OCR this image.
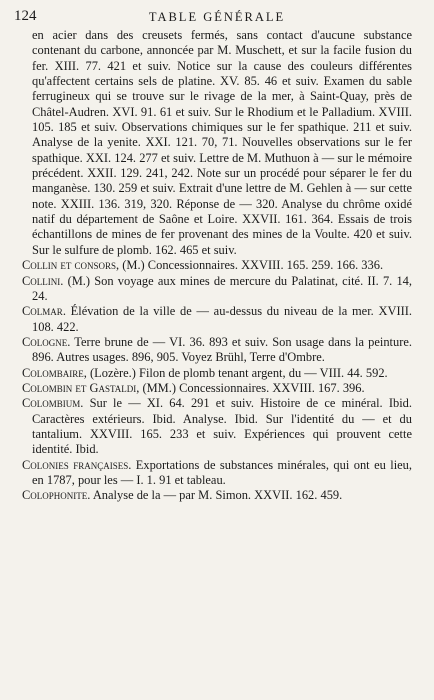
124	TABLE GÉNÉRALE

en acier dans des creusets fermés, sans contact d'aucune substance contenant du carbone, annoncée par M. Muschett, et sur la facile fusion du fer. XIII. 77. 421 et suiv. Notice sur la cause des couleurs différentes qu'affectent certains sels de platine. XV. 85. 46 et suiv. Examen du sable ferrugineux qui se trouve sur le rivage de la mer, à Saint-Quay, près de Châtel-Audren. XVI. 91. 61 et suiv. Sur le Rhodium et le Palladium. XVIII. 105. 185 et suiv. Observations chimiques sur le fer spathique. 211 et suiv. Analyse de la yenite. XXI. 121. 70, 71. Nouvelles observations sur le fer spathique. XXI. 124. 277 et suiv. Lettre de M. Muthuon à — sur le mémoire précédent. XXII. 129. 241, 242. Note sur un procédé pour séparer le fer du manganèse. 130. 259 et suiv. Extrait d'une lettre de M. Gehlen à — sur cette note. XXIII. 136. 319, 320. Réponse de — 320. Analyse du chrôme oxidé natif du département de Saône et Loire. XXVII. 161. 364. Essais de trois échantillons de mines de fer provenant des mines de la Voulte. 420 et suiv. Sur le sulfure de plomb. 162. 465 et suiv.

Collin et consors, (M.) Concessionnaires. XXVIII. 165. 259. 166. 336.

Collini. (M.) Son voyage aux mines de mercure du Palatinat, cité. II. 7. 14, 24.

Colmar. Élévation de la ville de — au-dessus du niveau de la mer. XVIII. 108. 422.

Cologne. Terre brune de — VI. 36. 893 et suiv. Son usage dans la peinture. 896. Autres usages. 896, 905. Voyez Brühl, Terre d'Ombre.

Colombaire, (Lozère.) Filon de plomb tenant argent, du — VIII. 44. 592.

Colombin et Gastaldi, (MM.) Concessionnaires. XXVIII. 167. 396.

Colombium. Sur le — XI. 64. 291 et suiv. Histoire de ce minéral. Ibid. Caractères extérieurs. Ibid. Analyse. Ibid. Sur l'identité du — et du tantalium. XXVIII. 165. 233 et suiv. Expériences qui prouvent cette identité. Ibid.

Colonies françaises. Exportations de substances minérales, qui ont eu lieu, en 1787, pour les — I. 1. 91 et tableau.

Colophonite. Analyse de la — par M. Simon. XXVII. 162. 459.
